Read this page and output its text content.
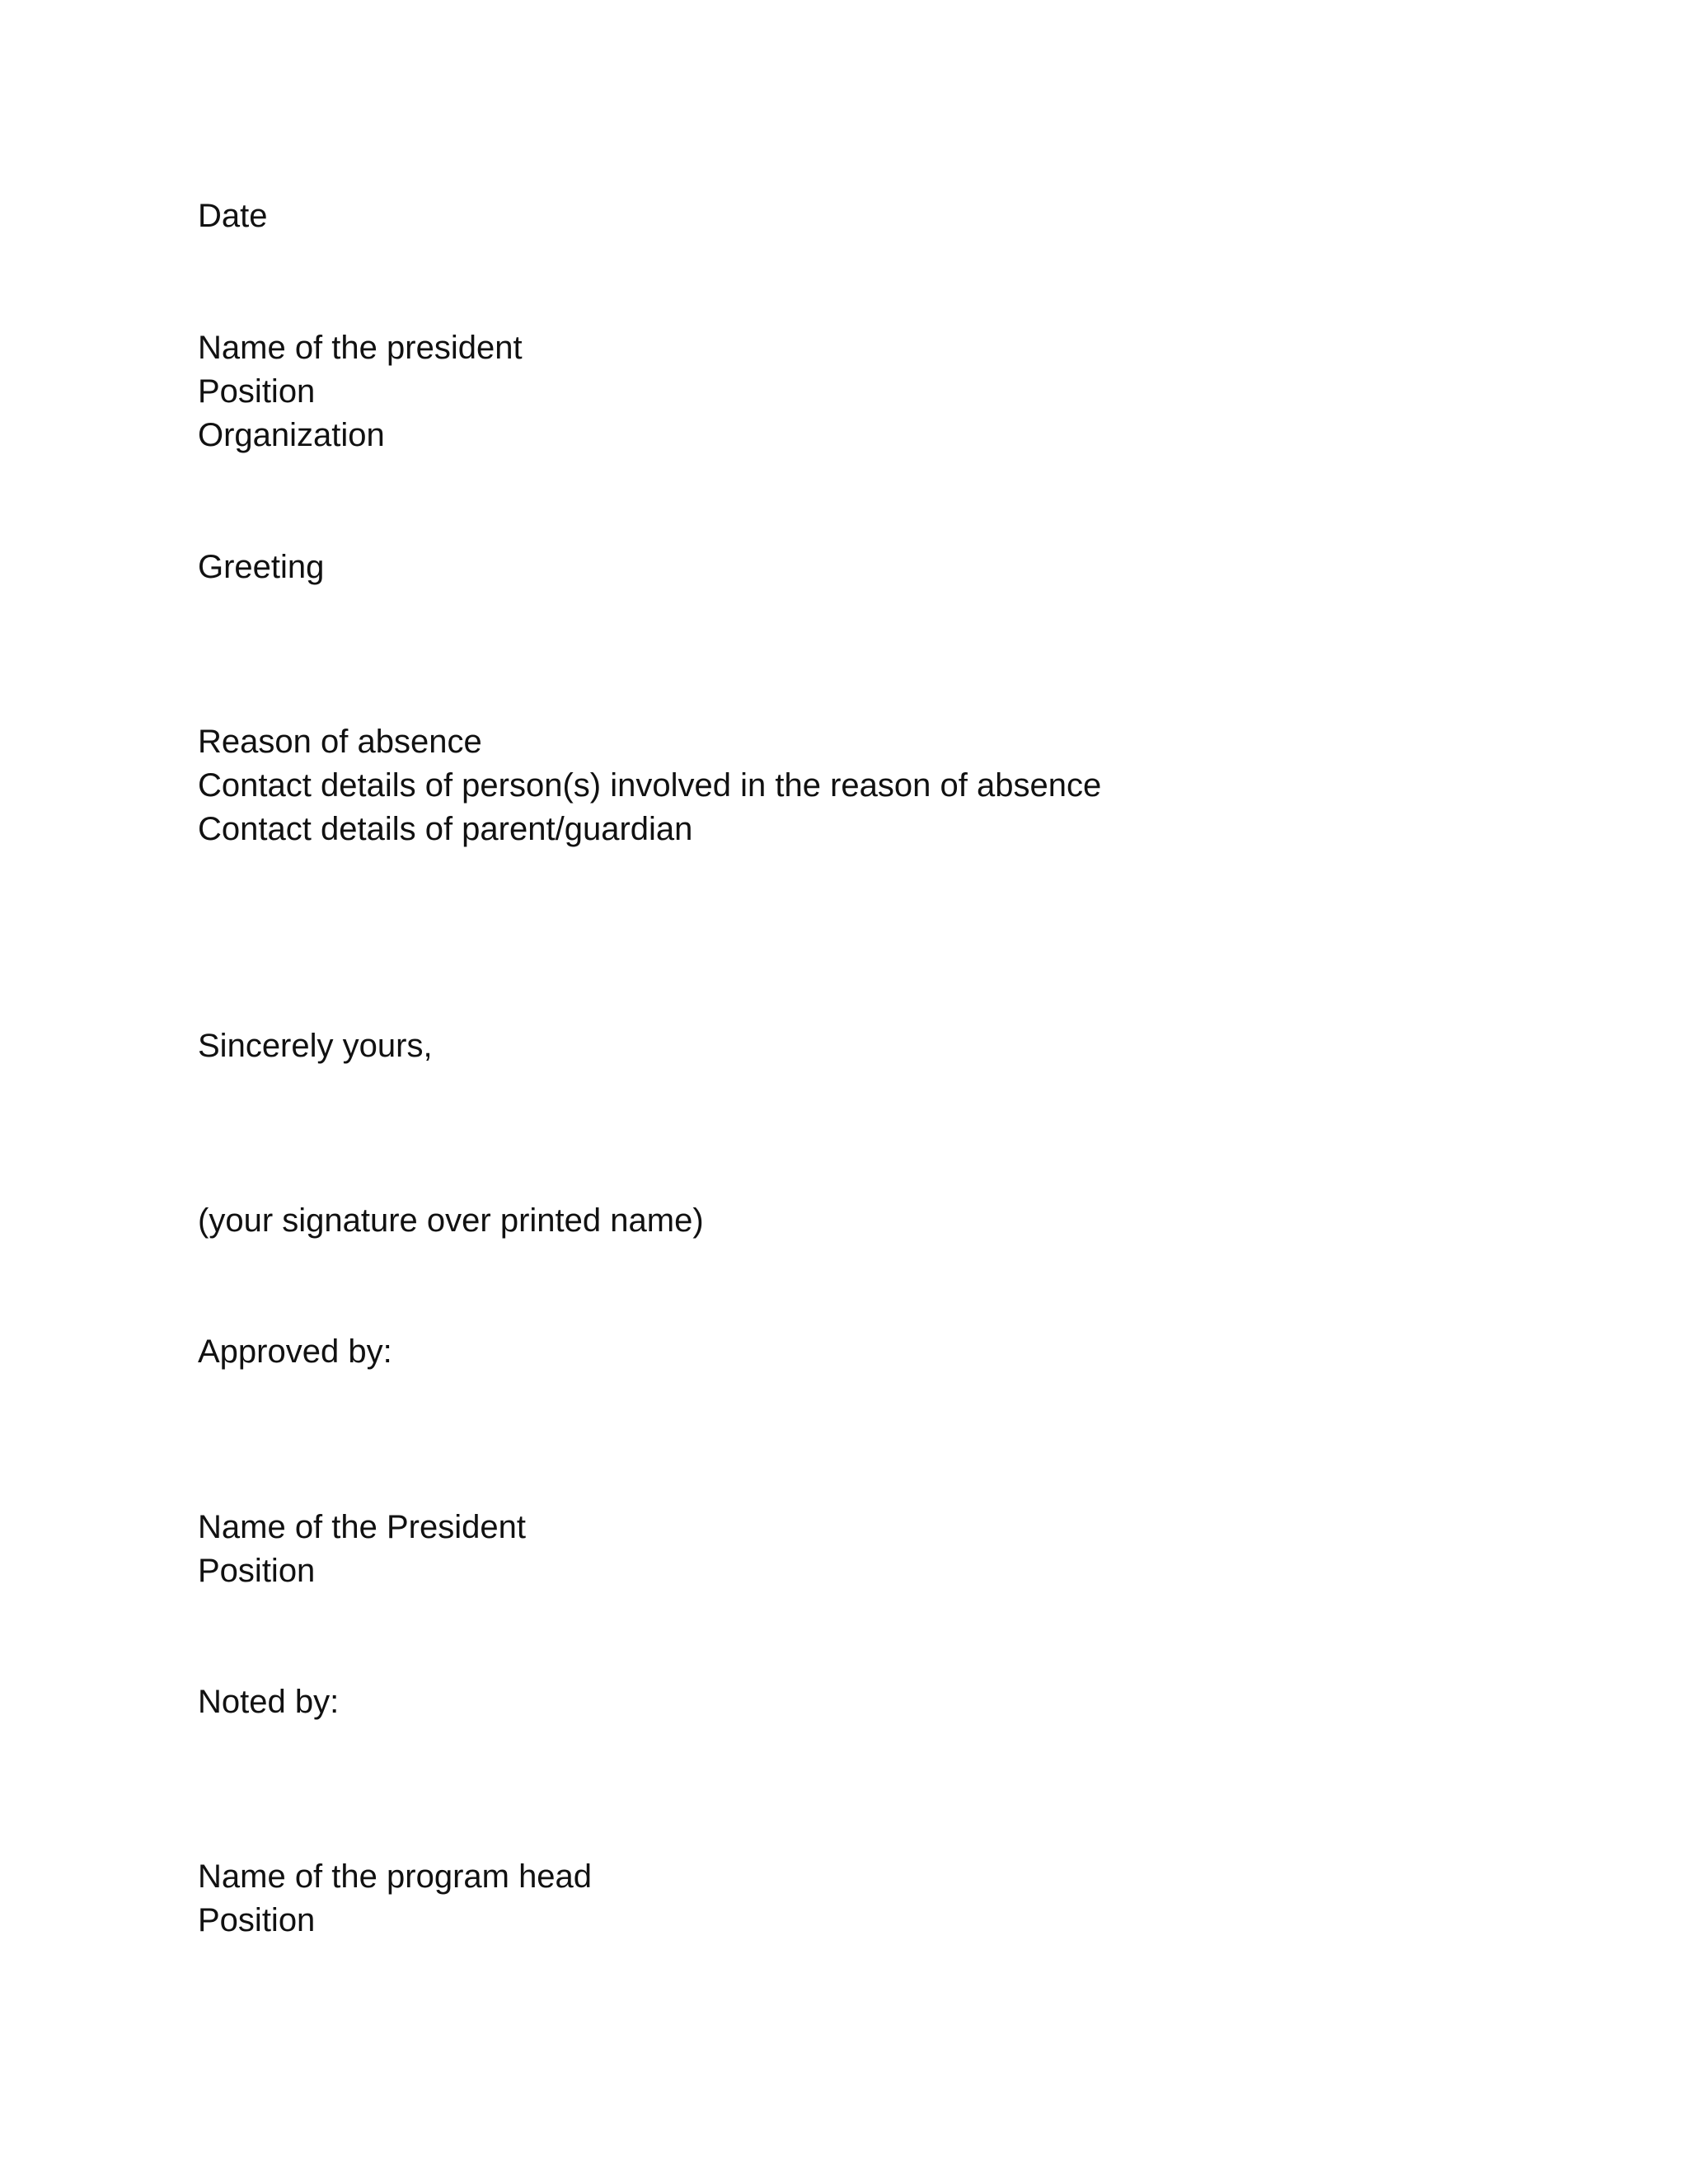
Date

Name of the president

Position

Organization

Greeting

Reason of absence

Contact details of person(s) involved in the reason of absence

Contact details of parent/guardian

Sincerely yours,

(your signature over printed name)

Approved by:

Name of the President

Position

Noted by:

Name of the program head

Position
